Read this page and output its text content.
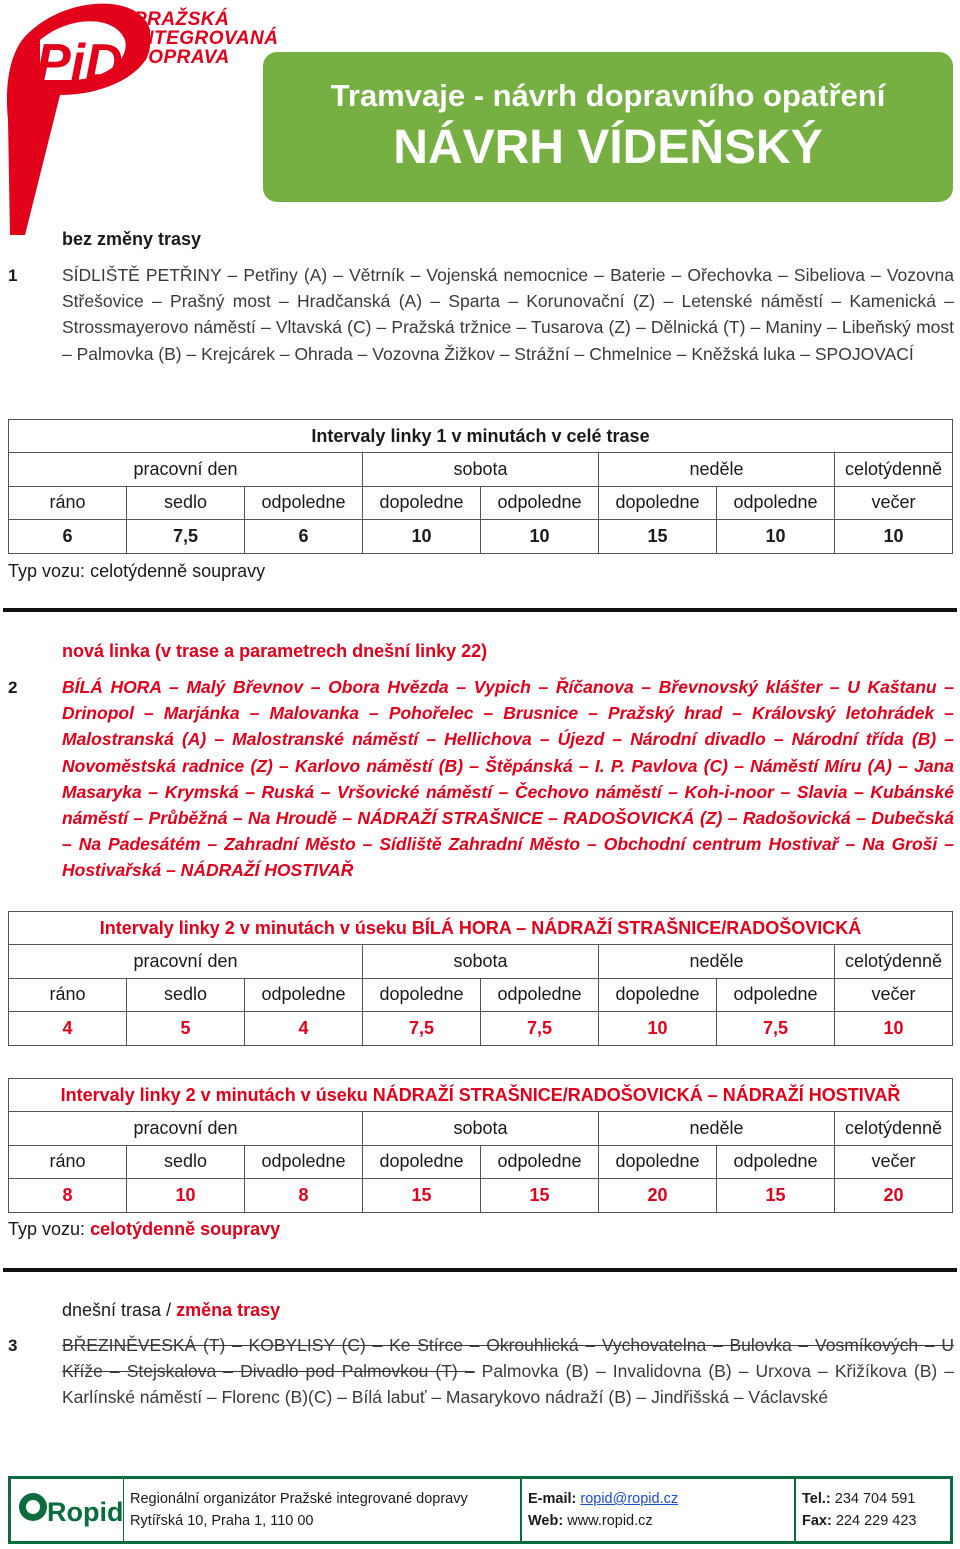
PiD
PRAŽSKÁ
INTEGROVANÁ
DOPRAVA
Tramvaje - návrh dopravního opatření
NÁVRH VÍDEŇSKÝ
bez změny trasy
1	SÍDLIŠTĚ PETŘINY – Petřiny (A) – Větrník – Vojenská nemocnice – Baterie – Ořechovka – Sibeliova – Vozovna Střešovice – Prašný most – Hradčanská (A) – Sparta – Korunovační (Z) – Letenské náměstí – Kamenická – Strossmayerovo náměstí – Vltavská (C) – Pražská tržnice – Tusarova (Z) – Dělnická (T) – Maniny – Libeňský most – Palmovka (B) – Krejcárek – Ohrada – Vozovna Žižkov – Strážní – Chmelnice – Kněžská luka – SPOJOVACÍ
Intervaly linky 1 v minutách v celé trase							
pracovní den			sobota		neděle		celotýdenně
ráno	sedlo	odpoledne	dopoledne	odpoledne	dopoledne	odpoledne	večer
6	7,5	6	10	10	15	10	10
Typ vozu: celotýdenně soupravy
nová linka (v trase a parametrech dnešní linky 22)
2	BÍLÁ HORA – Malý Břevnov – Obora Hvězda – Vypich – Říčanova – Břevnovský klášter – U Kaštanu – Drinopol – Marjánka – Malovanka – Pohořelec – Brusnice – Pražský hrad – Královský letohrádek – Malostranská (A) – Malostranské náměstí – Hellichova – Újezd – Národní divadlo – Národní třída (B) – Novoměstská radnice (Z) – Karlovo náměstí (B) – Štěpánská – I. P. Pavlova (C) – Náměstí Míru (A) – Jana Masaryka – Krymská – Ruská – Vršovické náměstí – Čechovo náměstí – Koh-i-noor – Slavia – Kubánské náměstí – Průběžná – Na Hroudě – NÁDRAŽÍ STRAŠNICE – RADOŠOVICKÁ (Z) – Radošovická – Dubečská – Na Padesátém – Zahradní Město – Sídliště Zahradní Město – Obchodní centrum Hostivař – Na Groši – Hostivařská – NÁDRAŽÍ HOSTIVAŘ
Intervaly linky 2 v minutách v úseku BÍLÁ HORA – NÁDRAŽÍ STRAŠNICE/RADOŠOVICKÁ							
pracovní den			sobota		neděle		celotýdenně
ráno	sedlo	odpoledne	dopoledne	odpoledne	dopoledne	odpoledne	večer
4	5	4	7,5	7,5	10	7,5	10
Intervaly linky 2 v minutách v úseku NÁDRAŽÍ STRAŠNICE/RADOŠOVICKÁ – NÁDRAŽÍ HOSTIVAŘ							
pracovní den			sobota		neděle		celotýdenně
ráno	sedlo	odpoledne	dopoledne	odpoledne	dopoledne	odpoledne	večer
8	10	8	15	15	20	15	20
Typ vozu: celotýdenně soupravy
dnešní trasa / změna trasy
3	BŘEZINĚVESKÁ (T) – KOBYLISY (C) – Ke Stírce – Okrouhlická – Vychovatelna – Bulovka – Vosmíkových – U Kříže – Stejskalova – Divadlo pod Palmovkou (T) – Palmovka (B) – Invalidovna (B) – Urxova – Křižíkova (B) – Karlínské náměstí – Florenc (B)(C) – Bílá labuť – Masarykovo nádraží (B) – Jindřišská – Václavské
Ropid Regionální organizátor Pražské integrované dopravy
Rytířská 10, Praha 1, 110 00
E-mail: ropid@ropid.cz
Web: www.ropid.cz
Tel.: 234 704 591
Fax: 224 229 423
